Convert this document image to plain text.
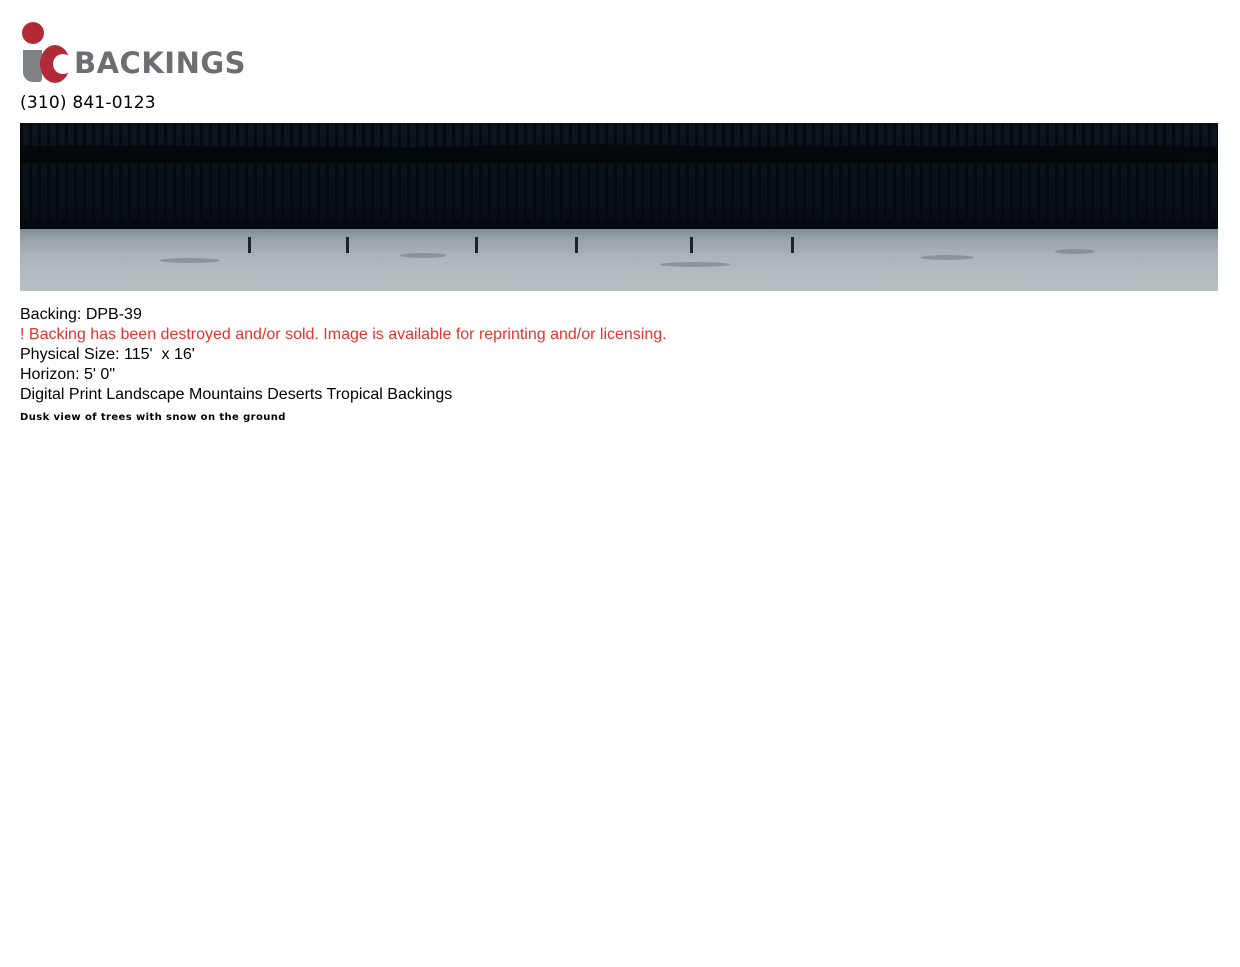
BACKINGS
(310) 841-0123
Backing: DPB-39
! Backing has been destroyed and/or sold. Image is available for reprinting and/or licensing.
Physical Size: 115'  x 16'
Horizon: 5' 0"
Digital Print Landscape Mountains Deserts Tropical Backings
Dusk view of trees with snow on the ground
